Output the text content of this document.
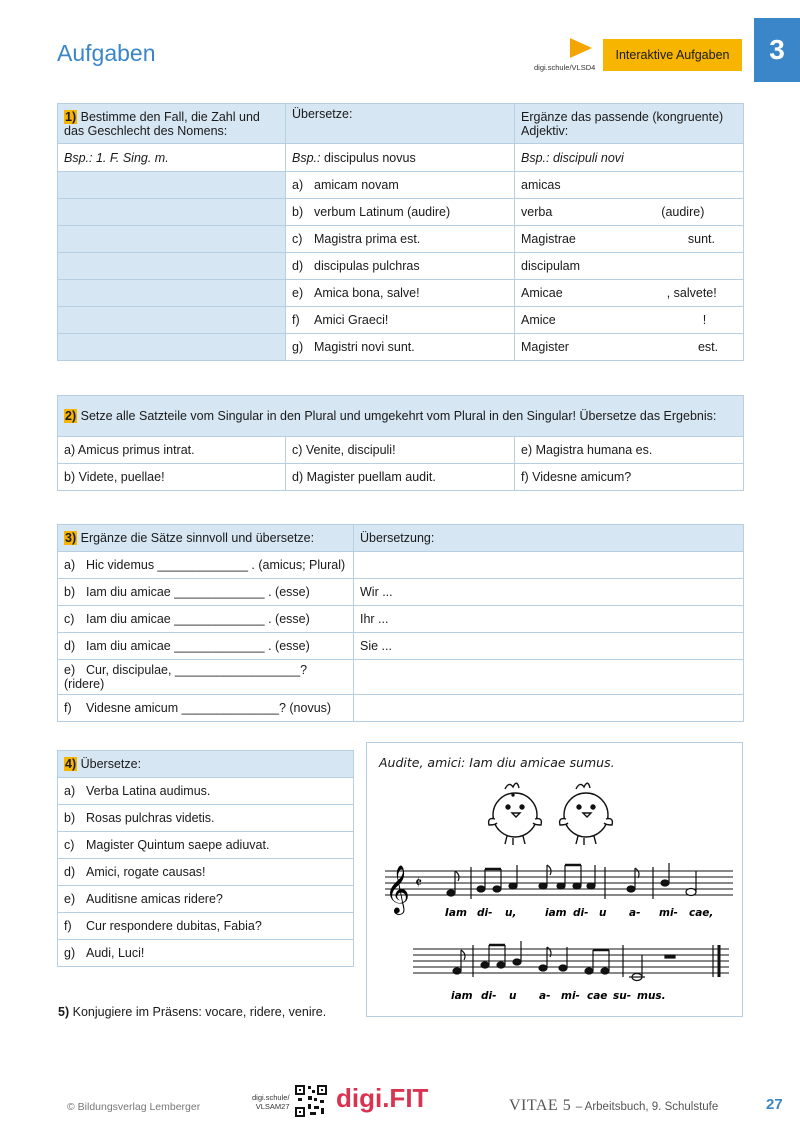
Aufgaben
digi.schule/VLSD4
Interaktive Aufgaben	3
1) Bestimme den Fall, die Zahl und das Geschlecht des Nomens:	Übersetze:	Ergänze das passende (kongruente) Adjektiv:
Bsp.: 1. F. Sing. m.	Bsp.: discipulus novus	Bsp.: discipuli novi
	a) amicam novam	amicas
	b) verbum Latinum (audire)	verba (audire)
	c) Magistra prima est.	Magistrae sunt.
	d) discipulas pulchras	discipulam
	e) Amica bona, salve!	Amicae , salvete!
	f) Amici Graeci!	Amice !
	g) Magistri novi sunt.	Magister est.
2) Setze alle Satzteile vom Singular in den Plural und umgekehrt vom Plural in den Singular! Übersetze das Ergebnis:		
a) Amicus primus intrat.	c) Venite, discipuli!	e) Magistra humana es.
b) Videte, puellae!	d) Magister puellam audit.	f) Videsne amicum?
3) Ergänze die Sätze sinnvoll und übersetze:	Übersetzung:
a) Hic videmus _____________ . (amicus; Plural)	
b) Iam diu amicae _____________ . (esse)	Wir ...
c) Iam diu amicae _____________ . (esse)	Ihr ...
d) Iam diu amicae _____________ . (esse)	Sie ...
e) Cur, discipulae, __________________? (ridere)	
f) Videsne amicum ______________? (novus)	
4) Übersetze:
a) Verba Latina audimus.
b) Rosas pulchras videtis.
c) Magister Quintum saepe adiuvat.
d) Amici, rogate causas!
e) Auditisne amicas ridere?
f) Cur respondere dubitas, Fabia?
g) Audi, Luci!
Audite, amici: Iam diu amicae sumus.
𝄞 𝄵
Iam di- u,	iam di- u a- mi- cae,
iam di- u a- mi- cae su- mus.
5) Konjugiere im Präsens: vocare, ridere, venire.
© Bildungsverlag Lemberger
digi.schule/
VLSAM27 digi.FIT	VITAE 5 – Arbeitsbuch, 9. Schulstufe	27
